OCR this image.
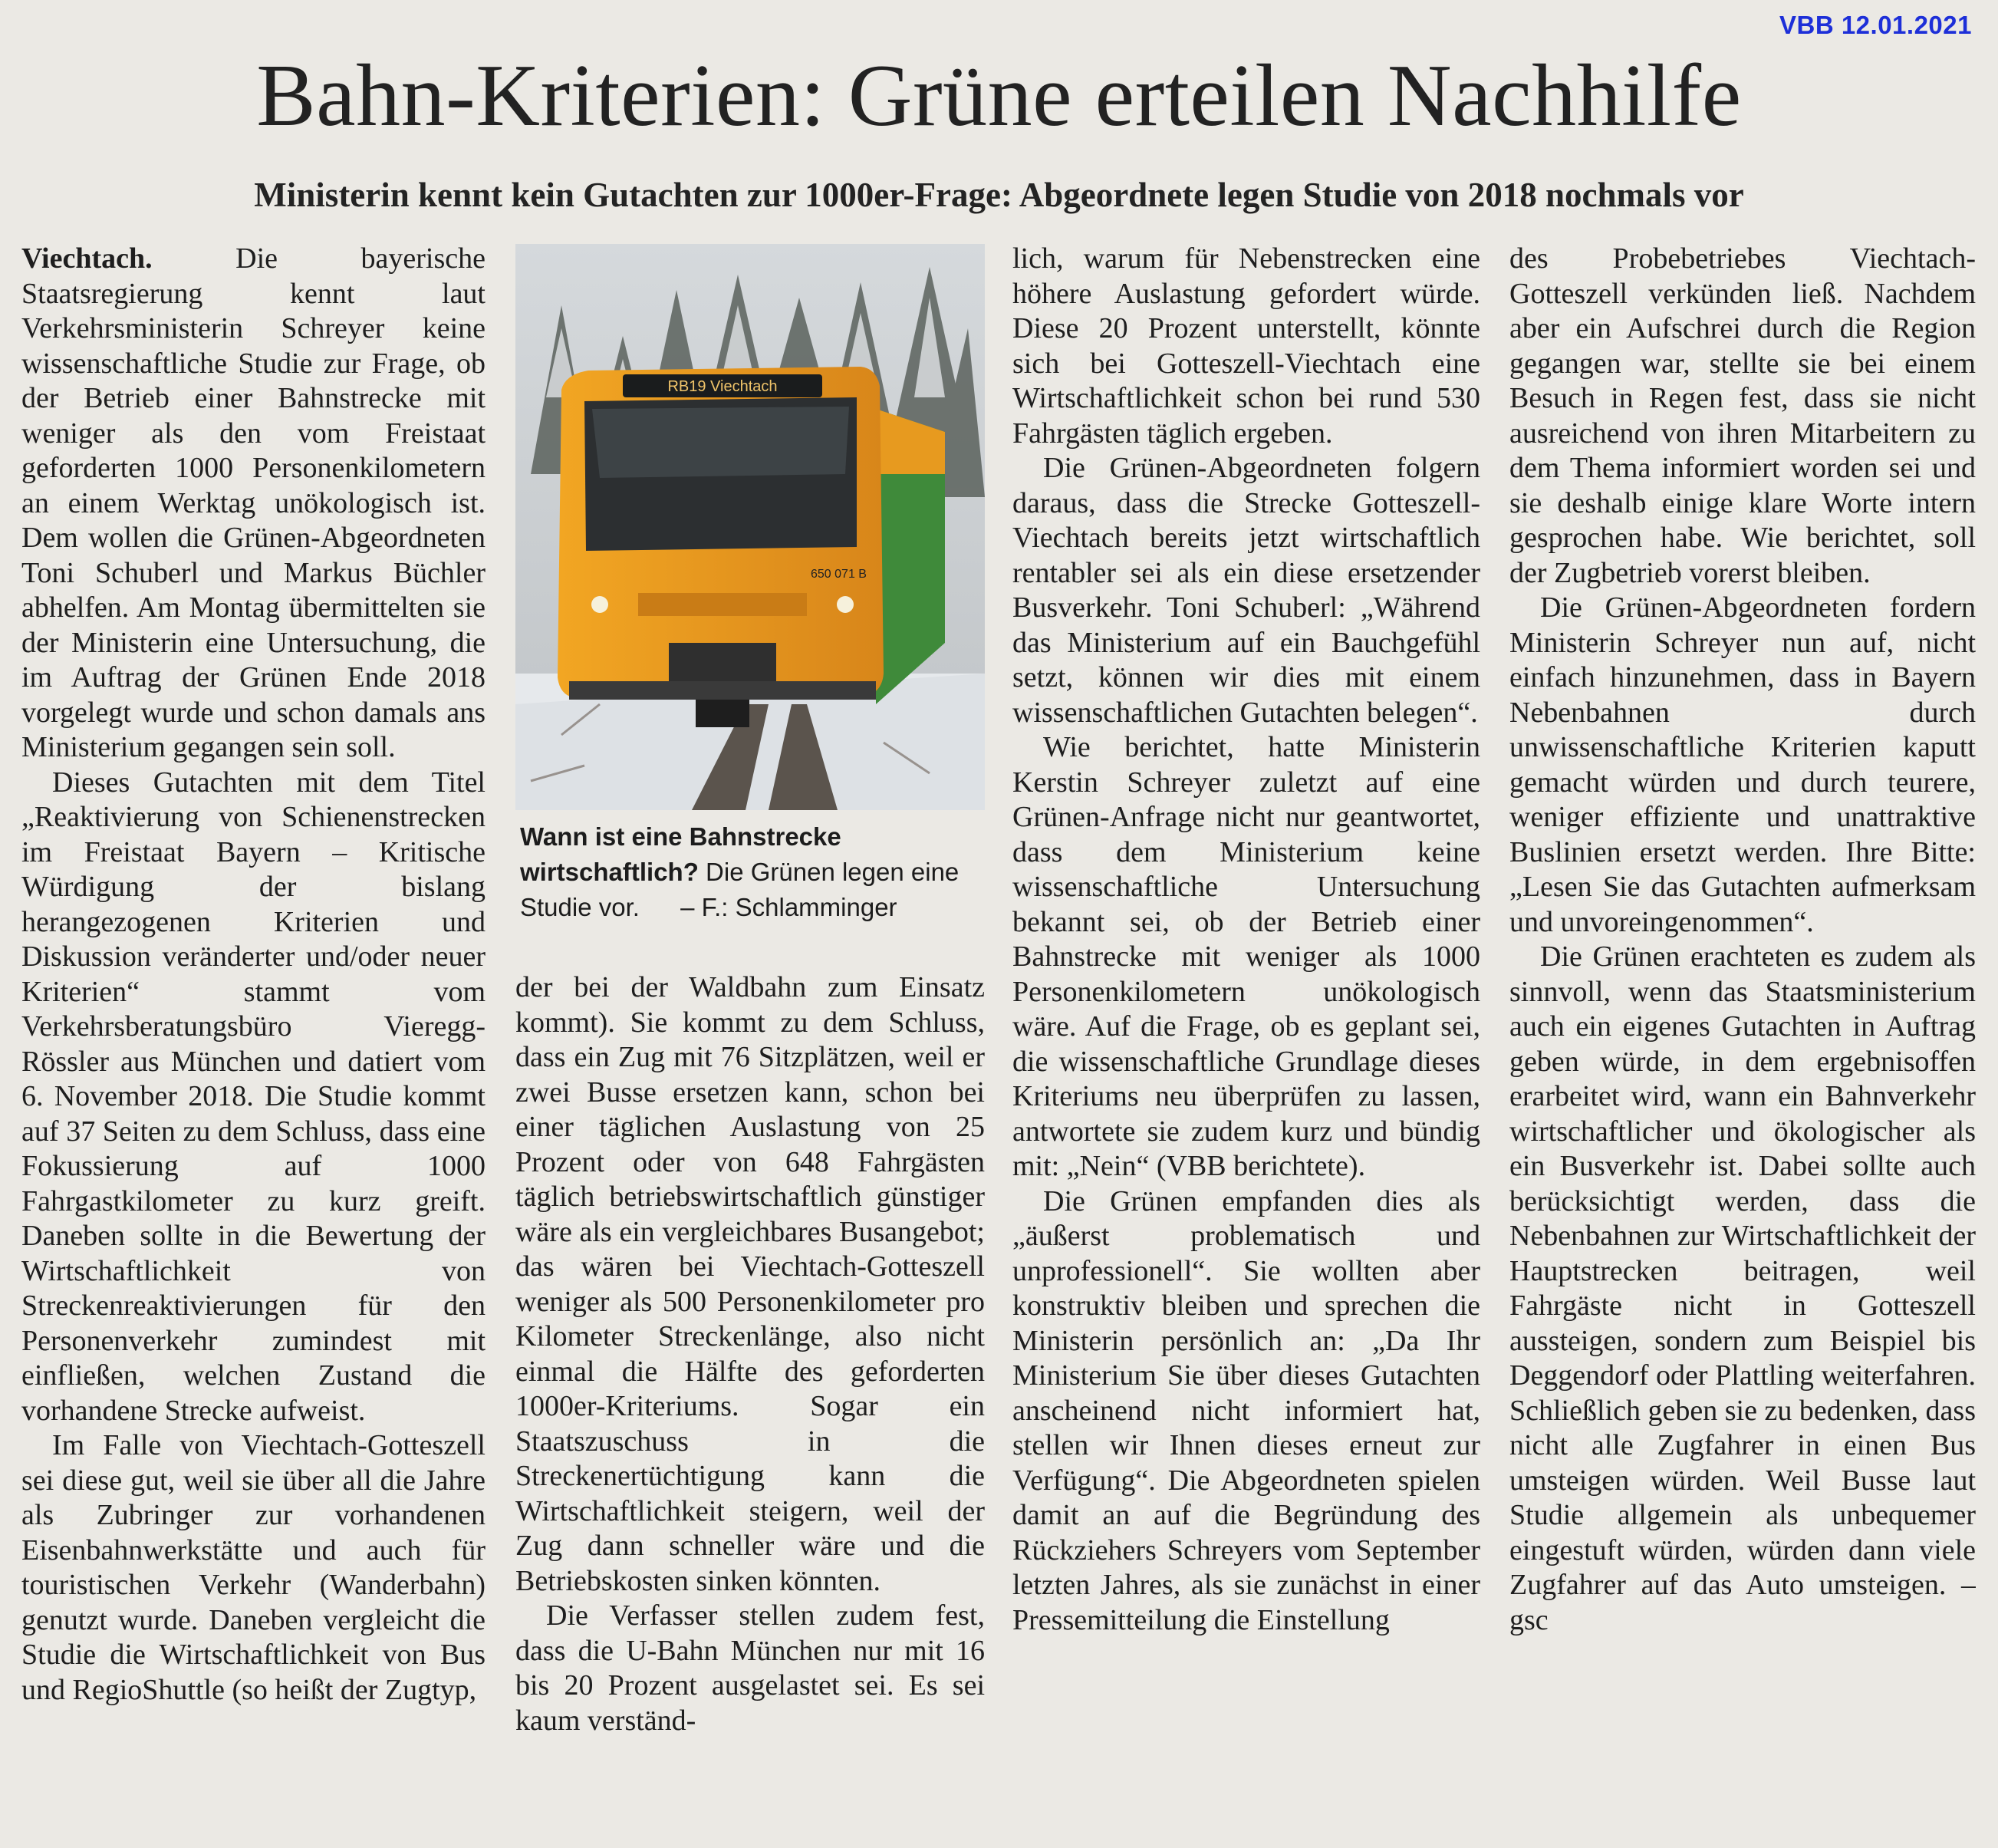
VBB 12.01.2021
Bahn-Kriterien: Grüne erteilen Nachhilfe
Ministerin kennt kein Gutachten zur 1000er-Frage: Abgeordnete legen Studie von 2018 nochmals vor

Viechtach.	Die bayerische Staatsregierung kennt laut Verkehrsministerin Schreyer keine wissenschaftliche Studie zur Frage, ob der Betrieb einer Bahnstrecke mit weniger als den vom Freistaat geforderten 1000 Personenkilometern an einem Werktag unökologisch ist. Dem wollen die Grünen-Abgeordneten Toni Schuberl und Markus Büchler abhelfen. Am Montag übermittelten sie der Ministerin eine Untersuchung, die im Auftrag der Grünen Ende 2018 vorgelegt wurde und schon damals ans Ministerium gegangen sein soll.

Dieses Gutachten mit dem Titel „Reaktivierung von Schienenstrecken im Freistaat Bayern – Kritische Würdigung der bislang herangezogenen Kriterien und Diskussion veränderter und/oder neuer Kriterien“ stammt vom Verkehrsberatungsbüro Vieregg-Rössler aus München und datiert vom 6. November 2018. Die Studie kommt auf 37 Seiten zu dem Schluss, dass eine Fokussierung auf 1000 Fahrgastkilometer zu kurz greift. Daneben sollte in die Bewertung der Wirtschaftlichkeit von Streckenreaktivierungen für den Personenverkehr zumindest mit einfließen, welchen Zustand die vorhandene Strecke aufweist.

Im Falle von Viechtach-Gotteszell sei diese gut, weil sie über all die Jahre als Zubringer zur vorhandenen Eisenbahnwerkstätte und auch für touristischen Verkehr (Wanderbahn) genutzt wurde. Daneben vergleicht die Studie die Wirtschaftlichkeit von Bus und RegioShuttle (so heißt der Zugtyp,

RB19 Viechtach
650 071 B
Wann ist eine Bahnstrecke wirtschaftlich? Die Grünen legen eine Studie vor. – F.: Schlamminger

der bei der Waldbahn zum Einsatz kommt). Sie kommt zu dem Schluss, dass ein Zug mit 76 Sitzplätzen, weil er zwei Busse ersetzen kann, schon bei einer täglichen Auslastung von 25 Prozent oder von 648 Fahrgästen täglich betriebswirtschaftlich günstiger wäre als ein vergleichbares Busangebot; das wären bei Viechtach-Gotteszell weniger als 500 Personenkilometer pro Kilometer Streckenlänge, also nicht einmal die Hälfte des geforderten 1000er-Kriteriums. Sogar ein Staatszuschuss in die Streckenertüchtigung kann die Wirtschaftlichkeit steigern, weil der Zug dann schneller wäre und die Betriebskosten sinken könnten.

Die Verfasser stellen zudem fest, dass die U-Bahn München nur mit 16 bis 20 Prozent ausgelastet sei. Es sei kaum verständ-

lich, warum für Nebenstrecken eine höhere Auslastung gefordert würde. Diese 20 Prozent unterstellt, könnte sich bei Gotteszell-Viechtach eine Wirtschaftlichkeit schon bei rund 530 Fahrgästen täglich ergeben.

Die Grünen-Abgeordneten folgern daraus, dass die Strecke Gotteszell-Viechtach bereits jetzt wirtschaftlich rentabler sei als ein diese ersetzender Busverkehr. Toni Schuberl: „Während das Ministerium auf ein Bauchgefühl setzt, können wir dies mit einem wissenschaftlichen Gutachten belegen“.

Wie berichtet, hatte Ministerin Kerstin Schreyer zuletzt auf eine Grünen-Anfrage nicht nur geantwortet, dass dem Ministerium keine wissenschaftliche Untersuchung bekannt sei, ob der Betrieb einer Bahnstrecke mit weniger als 1000 Personenkilometern unökologisch wäre. Auf die Frage, ob es geplant sei, die wissenschaftliche Grundlage dieses Kriteriums neu überprüfen zu lassen, antwortete sie zudem kurz und bündig mit: „Nein“ (VBB berichtete).

Die Grünen empfanden dies als „äußerst problematisch und unprofessionell“. Sie wollten aber konstruktiv bleiben und sprechen die Ministerin persönlich an: „Da Ihr Ministerium Sie über dieses Gutachten anscheinend nicht informiert hat, stellen wir Ihnen dieses erneut zur Verfügung“. Die Abgeordneten spielen damit an auf die Begründung des Rückziehers Schreyers vom September letzten Jahres, als sie zunächst in einer Pressemitteilung die Einstellung

des Probebetriebes Viechtach-Gotteszell verkünden ließ. Nachdem aber ein Aufschrei durch die Region gegangen war, stellte sie bei einem Besuch in Regen fest, dass sie nicht ausreichend von ihren Mitarbeitern zu dem Thema informiert worden sei und sie deshalb einige klare Worte intern gesprochen habe. Wie berichtet, soll der Zugbetrieb vorerst bleiben.

Die Grünen-Abgeordneten fordern Ministerin Schreyer nun auf, nicht einfach hinzunehmen, dass in Bayern Nebenbahnen durch unwissenschaftliche Kriterien kaputt gemacht würden und durch teurere, weniger effiziente und unattraktive Buslinien ersetzt werden. Ihre Bitte: „Lesen Sie das Gutachten aufmerksam und unvoreingenommen“.

Die Grünen erachteten es zudem als sinnvoll, wenn das Staatsministerium auch ein eigenes Gutachten in Auftrag geben würde, in dem ergebnisoffen erarbeitet wird, wann ein Bahnverkehr wirtschaftlicher und ökologischer als ein Busverkehr ist. Dabei sollte auch berücksichtigt werden, dass die Nebenbahnen zur Wirtschaftlichkeit der Hauptstrecken beitragen, weil Fahrgäste nicht in Gotteszell aussteigen, sondern zum Beispiel bis Deggendorf oder Plattling weiterfahren. Schließlich geben sie zu bedenken, dass nicht alle Zugfahrer in einen Bus umsteigen würden. Weil Busse laut Studie allgemein als unbequemer eingestuft würden, würden dann viele Zugfahrer auf das Auto umsteigen. – gsc
